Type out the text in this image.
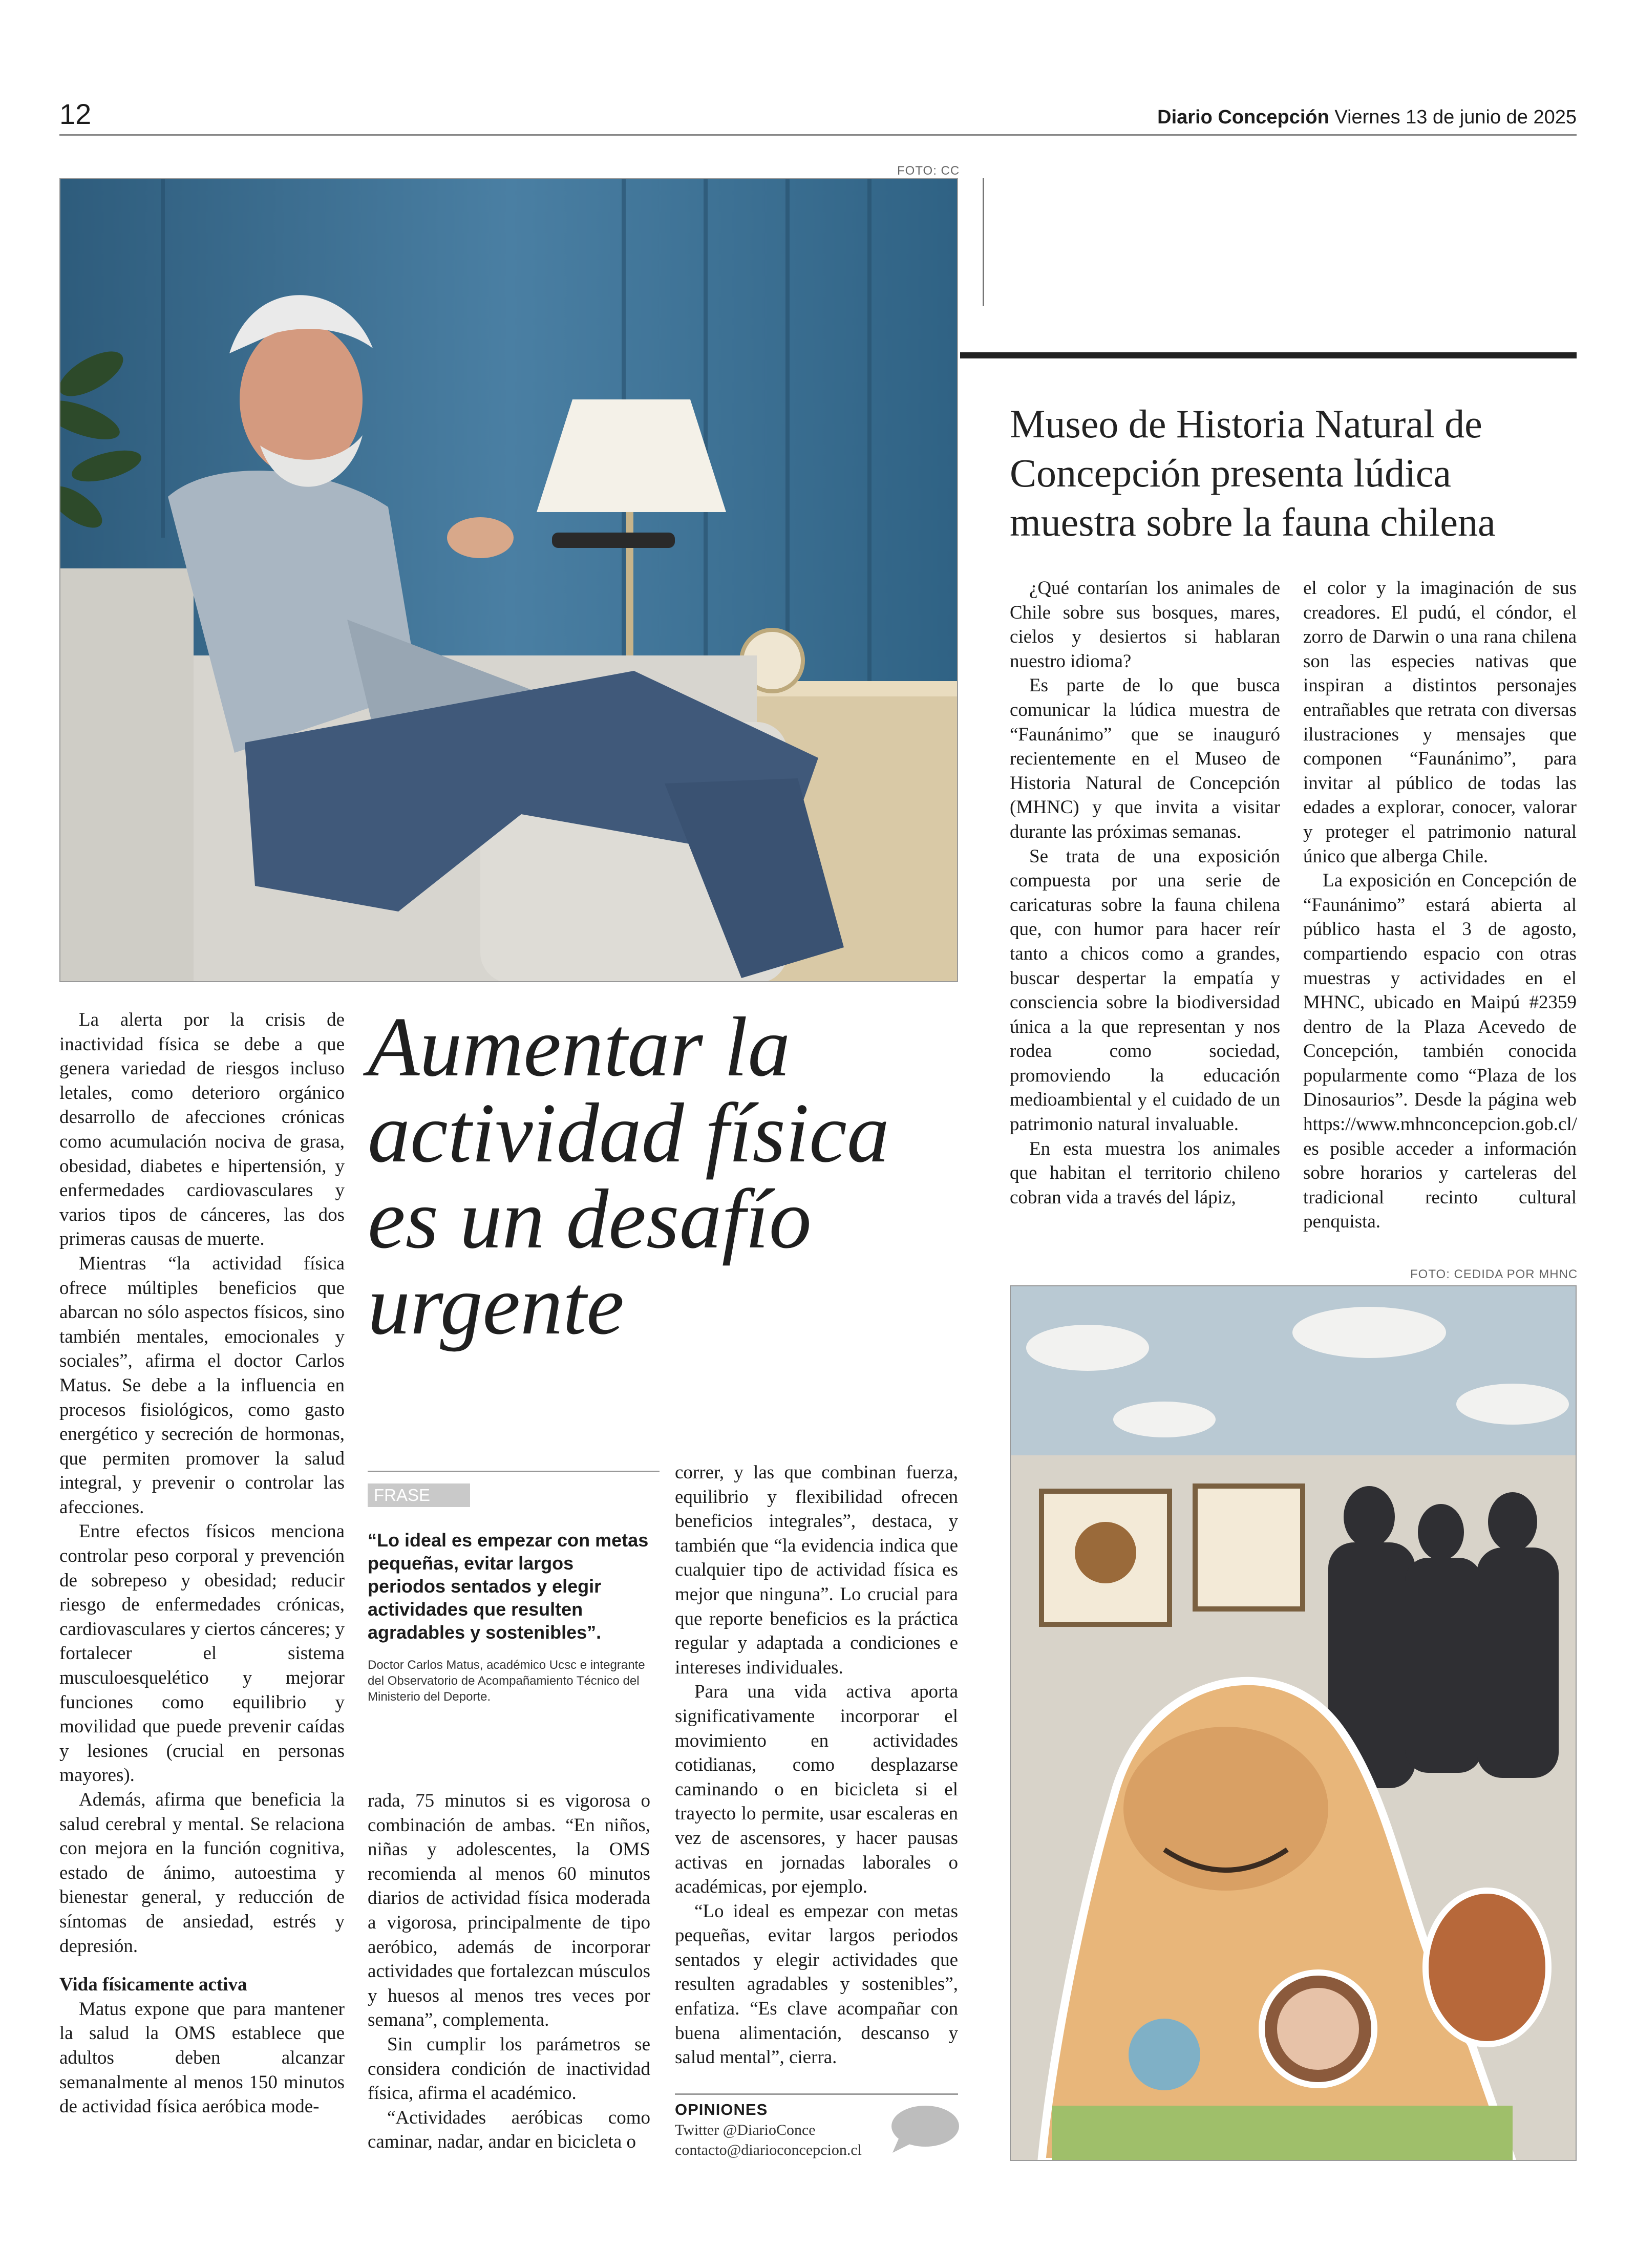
12	Diario Concepción Viernes 13 de junio de 2025
FOTO: CC
Museo de Historia Natural de Concepción presenta lúdica muestra sobre la fauna chilena

¿Qué contarían los animales de Chile sobre sus bosques, mares, cielos y desiertos si hablaran nuestro idioma?

Es parte de lo que busca comunicar la lúdica muestra de “Faunánimo” que se inauguró recientemente en el Museo de Historia Natural de Concepción (MHNC) y que invita a visitar durante las próximas semanas.

Se trata de una exposición compuesta por una serie de caricaturas sobre la fauna chilena que, con humor para hacer reír tanto a chicos como a grandes, buscar despertar la empatía y consciencia sobre la biodiversidad única a la que representan y nos rodea como sociedad, promoviendo la educación medioambiental y el cuidado de un patrimonio natural invaluable.

En esta muestra los animales que habitan el territorio chileno cobran vida a través del lápiz,

el color y la imaginación de sus creadores. El pudú, el cóndor, el zorro de Darwin o una rana chilena son las especies nativas que inspiran a distintos personajes entrañables que retrata con diversas ilustraciones y mensajes que componen “Faunánimo”, para invitar al público de todas las edades a explorar, conocer, valorar y proteger el patrimonio natural único que alberga Chile.

La exposición en Concepción de “Faunánimo” estará abierta al público hasta el 3 de agosto, compartiendo espacio con otras muestras y actividades en el MHNC, ubicado en Maipú #2359 dentro de la Plaza Acevedo de Concepción, también conocida popularmente como “Plaza de los Dinosaurios”. Desde la página web https://www.mhnconcepcion.gob.cl/ es posible acceder a información sobre horarios y carteleras del tradicional recinto cultural penquista.

FOTO: CEDIDA POR MHNC

La alerta por la crisis de inactividad física se debe a que genera variedad de riesgos incluso letales, como deterioro orgánico desarrollo de afecciones crónicas como acumulación nociva de grasa, obesidad, diabetes e hipertensión, y enfermedades cardiovasculares y varios tipos de cánceres, las dos primeras causas de muerte.

Mientras “la actividad física ofrece múltiples beneficios que abarcan no sólo aspectos físicos, sino también mentales, emocionales y sociales”, afirma el doctor Carlos Matus. Se debe a la influencia en procesos fisiológicos, como gasto energético y secreción de hormonas, que permiten promover la salud integral, y prevenir o controlar las afecciones.

Entre efectos físicos menciona controlar peso corporal y prevención de sobrepeso y obesidad; reducir riesgo de enfermedades crónicas, cardiovasculares y ciertos cánceres; y fortalecer el sistema musculoesquelético y mejorar funciones como equilibrio y movilidad que puede prevenir caídas y lesiones (crucial en personas mayores).

Además, afirma que beneficia la salud cerebral y mental. Se relaciona con mejora en la función cognitiva, estado de ánimo, autoestima y bienestar general, y reducción de síntomas de ansiedad, estrés y depresión.

Vida físicamente activa

Matus expone que para mantener la salud la OMS establece que adultos deben alcanzar semanalmente al menos 150 minutos de actividad física aeróbica mode-

Aumentar la actividad física es un desafío urgente
FRASE
“Lo ideal es empezar con metas pequeñas, evitar largos periodos sentados y elegir actividades que resulten agradables y sostenibles”.
Doctor Carlos Matus, académico Ucsc e integrante del Observatorio de Acompañamiento Técnico del Ministerio del Deporte.

rada, 75 minutos si es vigorosa o combinación de ambas. “En niños, niñas y adolescentes, la OMS recomienda al menos 60 minutos diarios de actividad física moderada a vigorosa, principalmente de tipo aeróbico, además de incorporar actividades que fortalezcan músculos y huesos al menos tres veces por semana”, complementa.

Sin cumplir los parámetros se considera condición de inactividad física, afirma el académico.

“Actividades aeróbicas como caminar, nadar, andar en bicicleta o

correr, y las que combinan fuerza, equilibrio y flexibilidad ofrecen beneficios integrales”, destaca, y también que “la evidencia indica que cualquier tipo de actividad física es mejor que ninguna”. Lo crucial para que reporte beneficios es la práctica regular y adaptada a condiciones e intereses individuales.

Para una vida activa aporta significativamente incorporar el movimiento en actividades cotidianas, como desplazarse caminando o en bicicleta si el trayecto lo permite, usar escaleras en vez de ascensores, y hacer pausas activas en jornadas laborales o académicas, por ejemplo.

“Lo ideal es empezar con metas pequeñas, evitar largos periodos sentados y elegir actividades que resulten agradables y sostenibles”, enfatiza. “Es clave acompañar con buena alimentación, descanso y salud mental”, cierra.

OPINIONES
Twitter @DiarioConce
contacto@diarioconcepcion.cl
